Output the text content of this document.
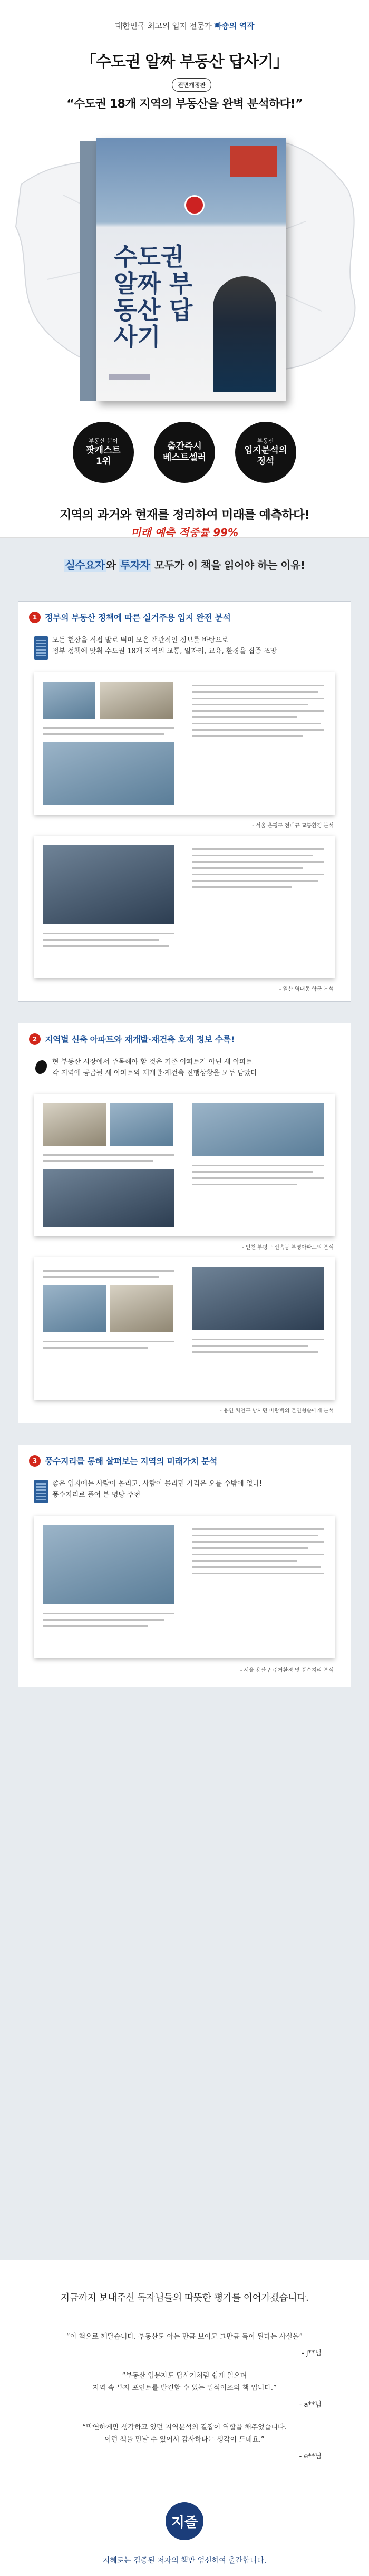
대한민국 최고의 입지 전문가 빠숑의 역작
「수도권 알짜 부동산 답사기」
전면개정판
“수도권 18개 지역의 부동산을 완벽 분석하다!”
수도권 알짜 부동산 답사기
부동산 분야
팟캐스트
1위
출간즉시
베스트셀러
부동산
입지분석의
정석
지역의 과거와 현재를 정리하여 미래를 예측하다!
미래 예측 적중률 99%
실수요자 와 투자자 모두가 이 책을 읽어야 하는 이유!
1 정부의 부동산 정책에 따른 실거주용 입지 완전 분석
모든 현장을 직접 발로 뛰며 모은 객관적인 정보를 바탕으로
정부 정책에 맞춰 수도권 18개 지역의 교통, 일자리, 교육, 환경을 집중 조망
- 서울 은평구 전대규 교통환경 분석
- 일산 역대동 학군 분석
2 지역별 신축 아파트와 재개발·재건축 호재 정보 수록!
현 부동산 시장에서 주목해야 할 것은 기존 아파트가 아닌 새 아파트
각 지역에 공급될 새 아파트와 재개발·재건축 진행상황을 모두 담았다
- 인천 부평구 신속동 부영아파트의 분석
- 용인 처인구 남사면 바람벽의 물인형솔에게 분석
3 풍수지리를 통해 살펴보는 지역의 미래가치 분석
좋은 입지에는 사람이 몰리고, 사람이 몰리면 가격은 오를 수밖에 없다!
풍수지리로 풀어 본 명당 주전
- 서울 용산구 주거환경 및 풍수지리 분석
지금까지 보내주신 독자님들의 따뜻한 평가를 이어가겠습니다.
“이 책으로 깨달습니다. 부동산도 아는 만큼 보이고 그만큼 득이 된다는 사실을”
- j**님
“부동산 입문자도 답사기처럼 쉽게 읽으며
지역 속 투자 포인트를 발견할 수 있는 일석이조의 책 입니다.”
- a**님
“막연하게만 생각하고 있던 지역분석의 길잡이 역할을 해주었습니다.
이런 책을 만날 수 있어서 감사하다는 생각이 드네요.”
- e**님
지즐
지혜로는 검증된 저자의 책만 엄선하여 출간합니다.
